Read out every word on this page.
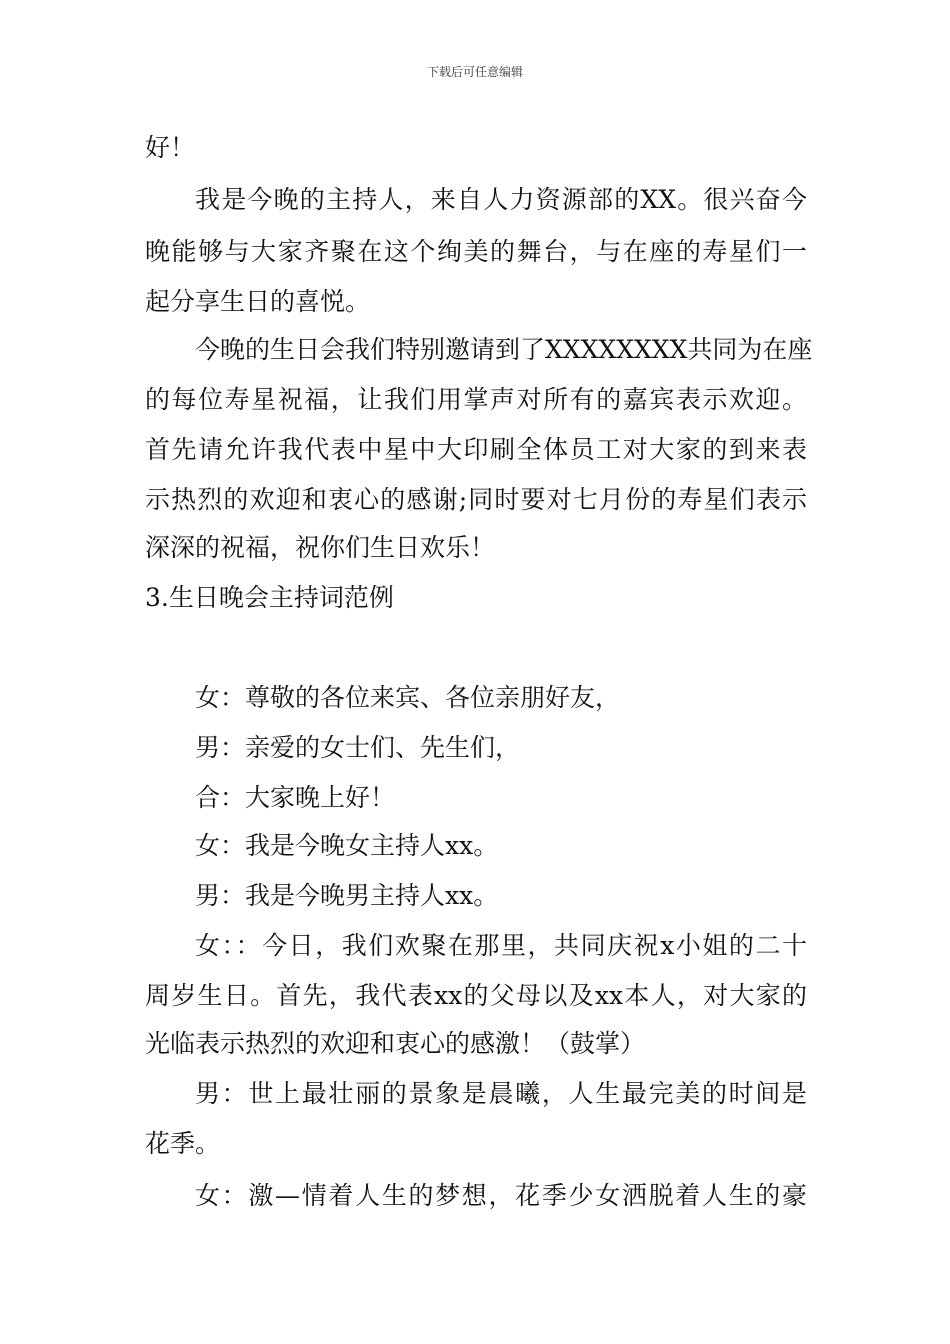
下载后可任意编辑
好！
我是今晚的主持人，来自人力资源部的XX。很兴奋今
晚能够与大家齐聚在这个绚美的舞台，与在座的寿星们一
起分享生日的喜悦。
今晚的生日会我们特别邀请到了XXXXXXXX共同为在座
的每位寿星祝福，让我们用掌声对所有的嘉宾表示欢迎。
首先请允许我代表中星中大印刷全体员工对大家的到来表
示热烈的欢迎和衷心的感谢;同时要对七月份的寿星们表示
深深的祝福，祝你们生日欢乐！
3.生日晚会主持词范例
女：尊敬的各位来宾、各位亲朋好友，
男：亲爱的女士们、先生们，
合：大家晚上好！
女：我是今晚女主持人xx。
男：我是今晚男主持人xx。
女：：今日，我们欢聚在那里，共同庆祝x小姐的二十
周岁生日。首先，我代表xx的父母以及xx本人，对大家的
光临表示热烈的欢迎和衷心的感激！（鼓掌）
男：世上最壮丽的景象是晨曦，人生最完美的时间是
花季。
女：激—情着人生的梦想，花季少女洒脱着人生的豪
